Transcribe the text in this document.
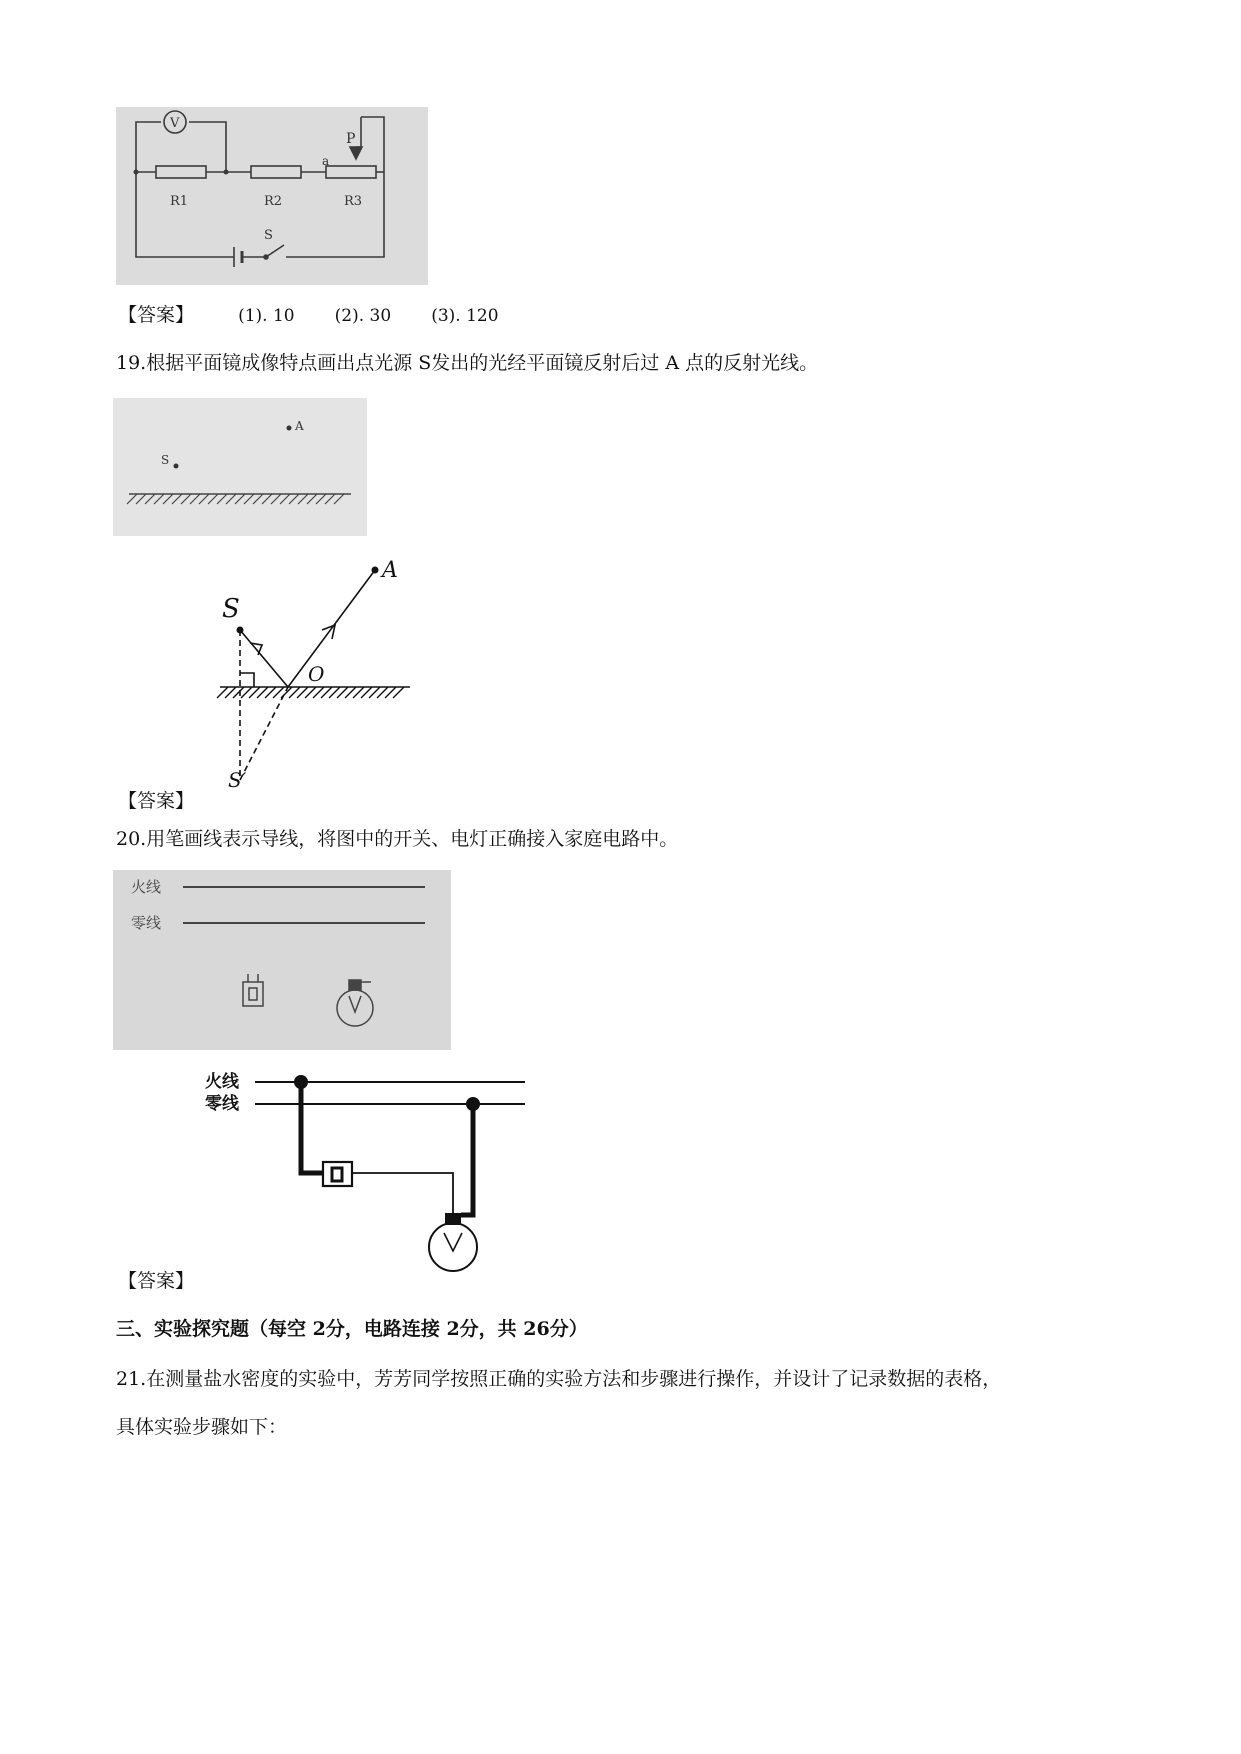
V
R1	R2	R3
P
a
S
【答案】	(1). 10 (2). 30 (3). 120
19.根据平面镜成像特点画出点光源 S发出的光经平面镜反射后过 A 点的反射光线。
A
S
S
A
O
S′
【答案】
20.用笔画线表示导线，将图中的开关、电灯正确接入家庭电路中。
火线
零线
火线
零线
【答案】
三、实验探究题（每空 2分，电路连接 2分，共 26分）
21.在测量盐水密度的实验中，芳芳同学按照正确的实验方法和步骤进行操作，并设计了记录数据的表格，
具体实验步骤如下：
